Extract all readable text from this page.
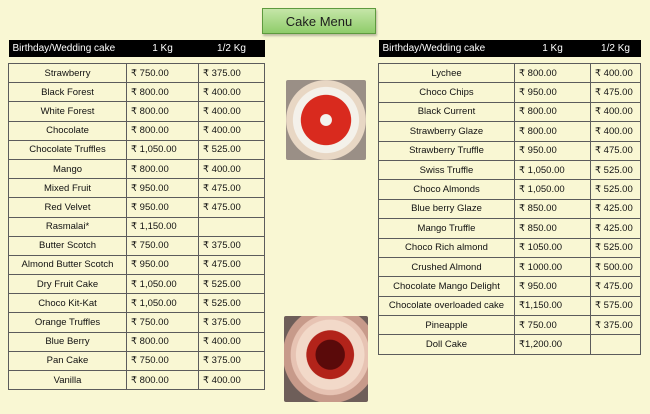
Cake Menu
Birthday/Wedding cake	1 Kg	1/2 Kg

Strawberry	₹ 750.00	₹ 375.00
Black Forest	₹ 800.00	₹ 400.00
White Forest	₹ 800.00	₹ 400.00
Chocolate	₹ 800.00	₹ 400.00
Chocolate Truffles	₹ 1,050.00	₹ 525.00
Mango	₹ 800.00	₹ 400.00
Mixed Fruit	₹ 950.00	₹ 475.00
Red Velvet	₹ 950.00	₹ 475.00
Rasmalai*	₹ 1,150.00	
Butter Scotch	₹ 750.00	₹ 375.00
Almond Butter Scotch	₹ 950.00	₹ 475.00
Dry Fruit Cake	₹ 1,050.00	₹ 525.00
Choco Kit-Kat	₹ 1,050.00	₹ 525.00
Orange Truffles	₹ 750.00	₹ 375.00
Blue Berry	₹ 800.00	₹ 400.00
Pan Cake	₹ 750.00	₹ 375.00
Vanilla	₹ 800.00	₹ 400.00
Birthday/Wedding cake	1 Kg	1/2 Kg

Lychee	₹ 800.00	₹ 400.00
Choco Chips	₹ 950.00	₹ 475.00
Black Current	₹ 800.00	₹ 400.00
Strawberry Glaze	₹ 800.00	₹ 400.00
Strawberry Truffle	₹ 950.00	₹ 475.00
Swiss Truffle	₹ 1,050.00	₹ 525.00
Choco Almonds	₹ 1,050.00	₹ 525.00
Blue berry Glaze	₹ 850.00	₹ 425.00
Mango Truffle	₹ 850.00	₹ 425.00
Choco Rich almond	₹ 1050.00	₹ 525.00
Crushed Almond	₹ 1000.00	₹ 500.00
Chocolate Mango Delight	₹ 950.00	₹ 475.00
Chocolate overloaded cake	₹1,150.00	₹ 575.00
Pineapple	₹ 750.00	₹ 375.00
Doll Cake	₹1,200.00	
